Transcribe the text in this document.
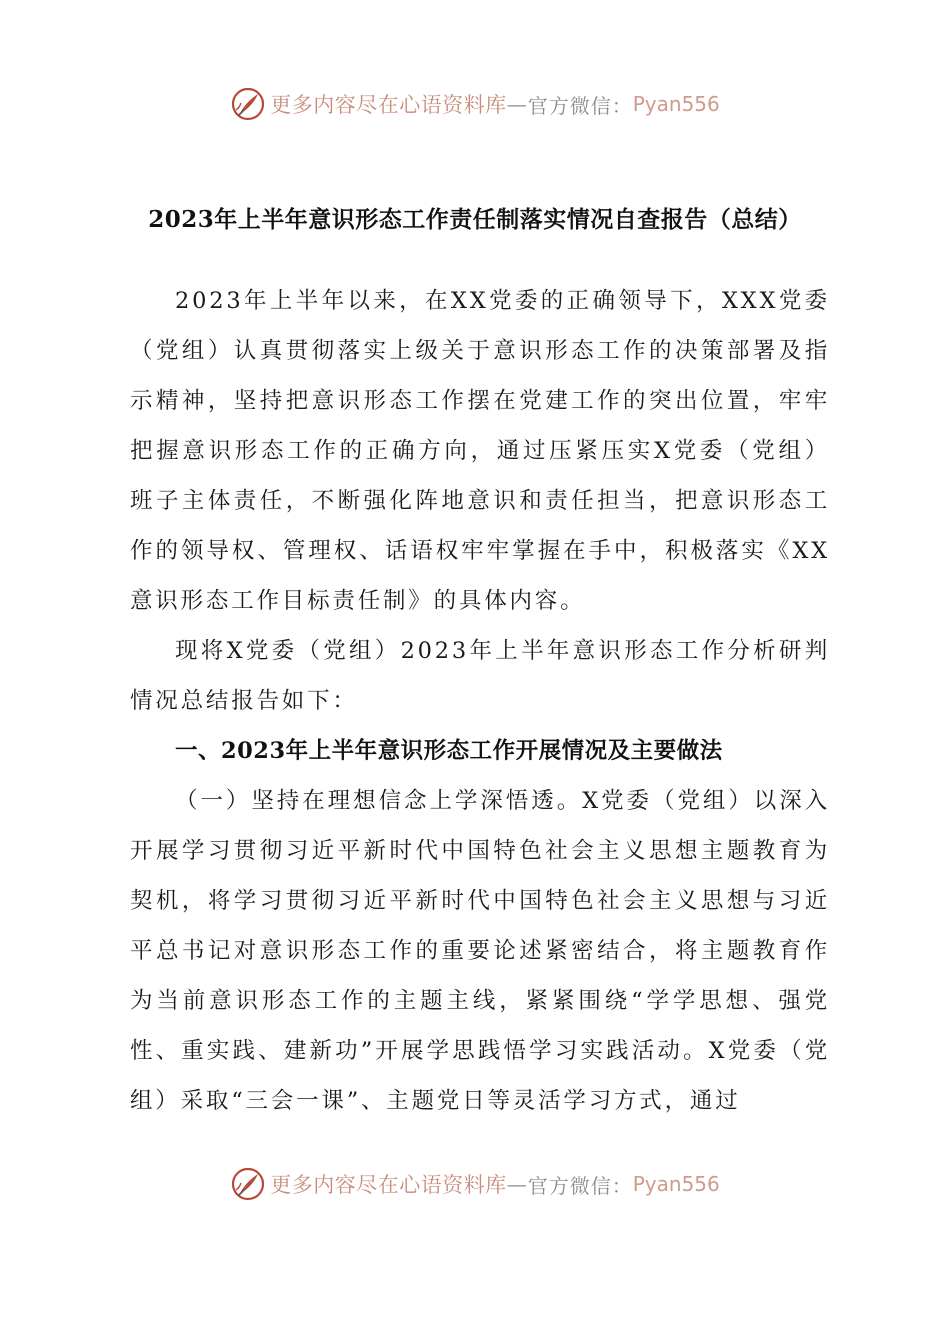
更多内容尽在心语资料库 — 官方微信： Pyan556
2023年上半年意识形态工作责任制落实情况自查报告（总结）

2023年上半年以来，在XX党委的正确领导下，XXX党委（党组）认真贯彻落实上级关于意识形态工作的决策部署及指示精神，坚持把意识形态工作摆在党建工作的突出位置，牢牢把握意识形态工作的正确方向，通过压紧压实X党委（党组）班子主体责任，不断强化阵地意识和责任担当，把意识形态工作的领导权、管理权、话语权牢牢掌握在手中，积极落实《XX意识形态工作目标责任制》的具体内容。

现将X党委（党组）2023年上半年意识形态工作分析研判情况总结报告如下：

一、2023年上半年意识形态工作开展情况及主要做法

（一）坚持在理想信念上学深悟透。X党委（党组）以深入开展学习贯彻习近平新时代中国特色社会主义思想主题教育为契机，将学习贯彻习近平新时代中国特色社会主义思想与习近平总书记对意识形态工作的重要论述紧密结合，将主题教育作为当前意识形态工作的主题主线，紧紧围绕“学学思想、强党性、重实践、建新功”开展学思践悟学习实践活动。X党委（党组）采取“三会一课”、主题党日等灵活学习方式，通过

更多内容尽在心语资料库 — 官方微信： Pyan556
